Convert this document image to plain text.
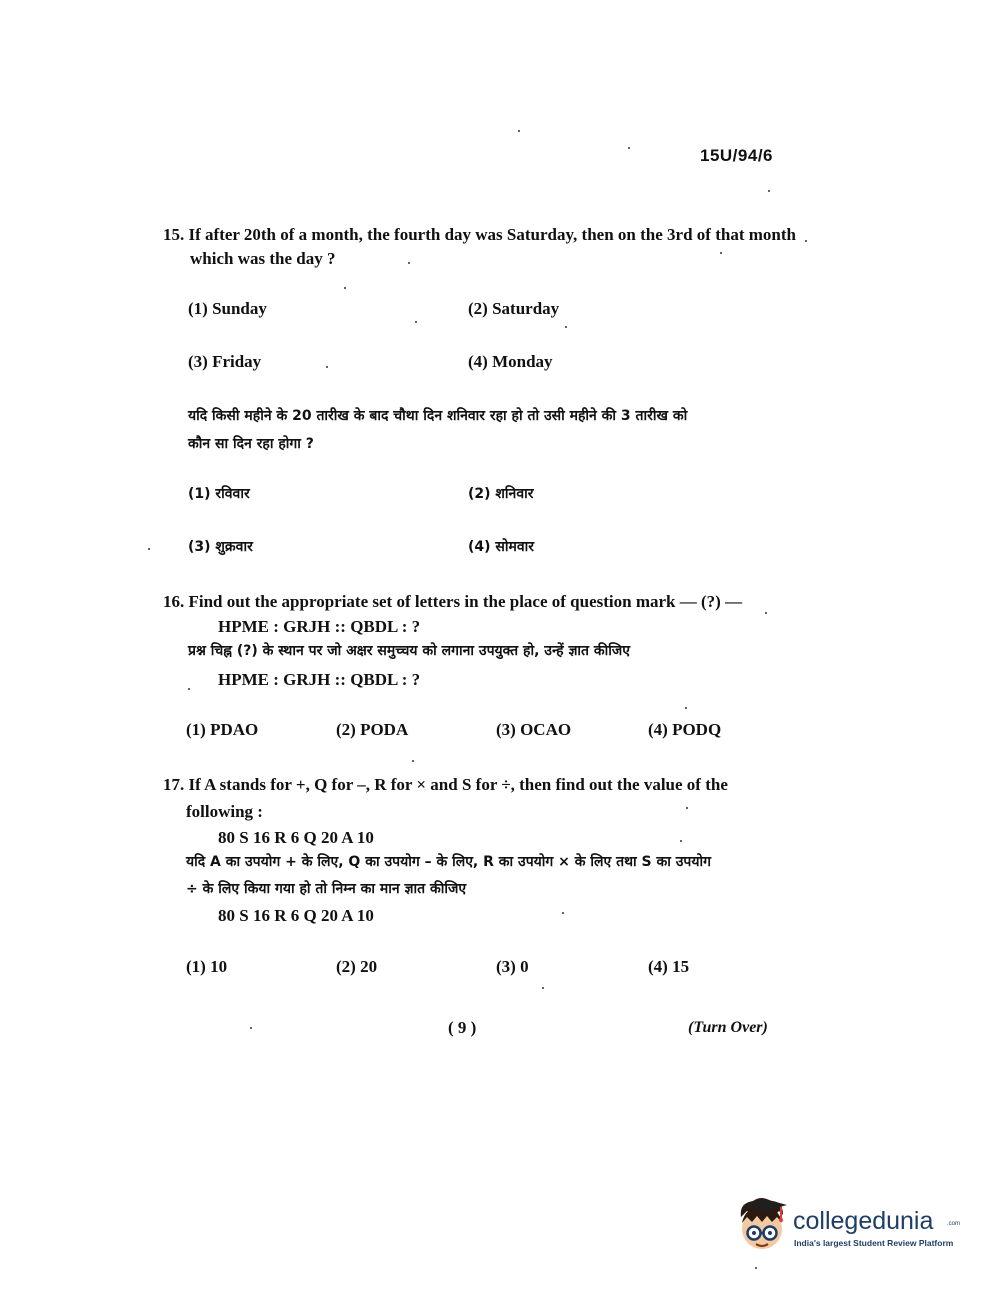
15U/94/6
15. If after 20th of a month, the fourth day was Saturday, then on the 3rd of that month
which was the day ?
(1) Sunday	(2) Saturday
(3) Friday	(4) Monday
यदि किसी महीने के 20 तारीख के बाद चौथा दिन शनिवार रहा हो तो उसी महीने की 3 तारीख को
कौन सा दिन रहा होगा ?
(1) रविवार	(2) शनिवार
(3) शुक्रवार	(4) सोमवार
16. Find out the appropriate set of letters in the place of question mark — (?) —
HPME : GRJH :: QBDL : ?
प्रश्न चिह्न (?) के स्थान पर जो अक्षर समुच्चय को लगाना उपयुक्त हो, उन्हें ज्ञात कीजिए
HPME : GRJH :: QBDL : ?
(1) PDAO	(2) PODA	(3) OCAO	(4) PODQ
17. If A stands for +, Q for –, R for × and S for ÷, then find out the value of the
following :
80 S 16 R 6 Q 20 A 10
यदि A का उपयोग + के लिए, Q का उपयोग – के लिए, R का उपयोग × के लिए तथा S का उपयोग
÷ के लिए किया गया हो तो निम्न का मान ज्ञात कीजिए
80 S 16 R 6 Q 20 A 10
(1) 10	(2) 20	(3) 0	(4) 15
( 9 )	(Turn Over)
collegedunia .com
India's largest Student Review Platform
